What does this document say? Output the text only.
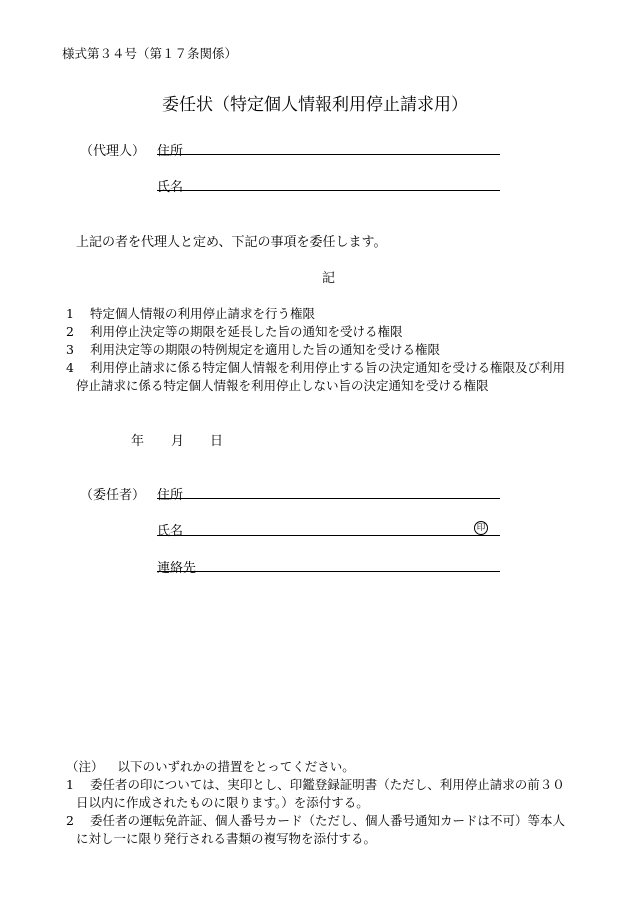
様式第３４号（第１７条関係）
委任状（特定個人情報利用停止請求用）
（代理人） 住所
氏名
上記の者を代理人と定め、下記の事項を委任します。
記
1 特定個人情報の利用停止請求を行う権限
2 利用停止決定等の期限を延長した旨の通知を受ける権限
3 利用決定等の期限の特例規定を適用した旨の通知を受ける権限
4 利用停止請求に係る特定個人情報を利用停止する旨の決定通知を受ける権限及び利用
停止請求に係る特定個人情報を利用停止しない旨の決定通知を受ける権限
年 月 日
（委任者） 住所
氏名	印
連絡先
（注） 以下のいずれかの措置をとってください。
1 委任者の印については、実印とし、印鑑登録証明書（ただし、利用停止請求の前３０
日以内に作成されたものに限ります。）を添付する。
2 委任者の運転免許証、個人番号カード（ただし、個人番号通知カードは不可）等本人
に対し一に限り発行される書類の複写物を添付する。
